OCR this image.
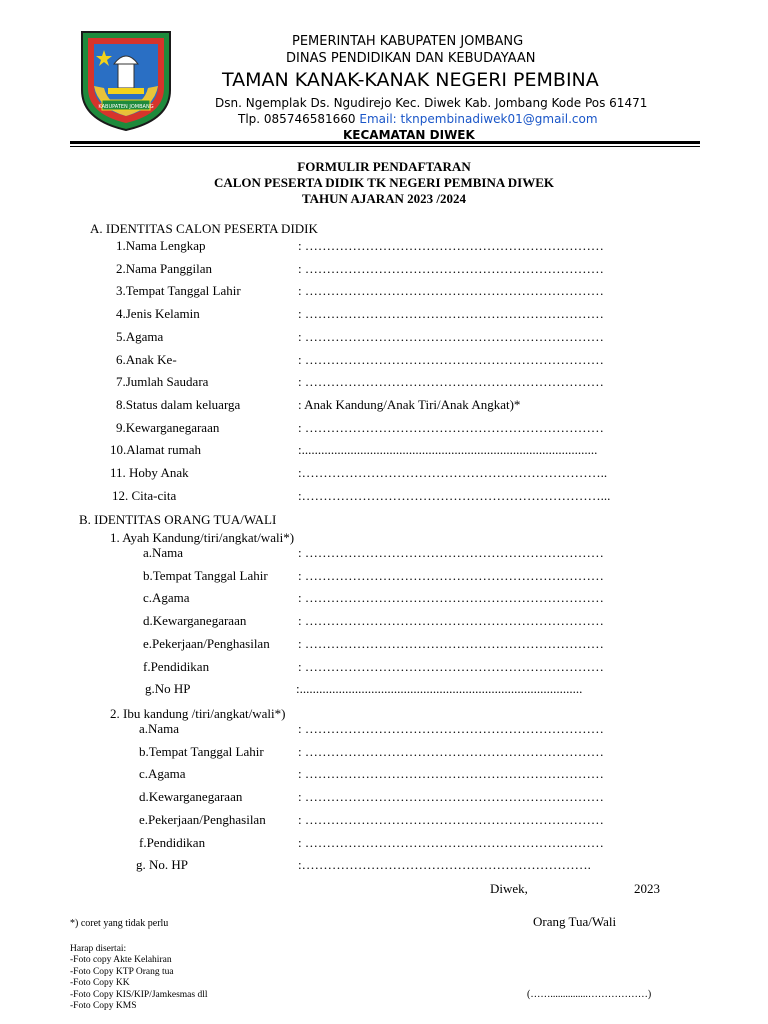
KABUPATEN JOMBANG
PEMERINTAH KABUPATEN JOMBANG
DINAS PENDIDIKAN DAN KEBUDAYAAN
TAMAN KANAK-KANAK NEGERI PEMBINA
Dsn. Ngemplak Ds. Ngudirejo Kec. Diwek Kab. Jombang Kode Pos 61471
Tlp. 085746581660 Email: tknpembinadiwek01@gmail.com
KECAMATAN DIWEK
FORMULIR PENDAFTARAN
CALON PESERTA DIDIK TK NEGERI PEMBINA DIWEK
TAHUN AJARAN 2023 /2024
A. IDENTITAS CALON PESERTA DIDIK
1.Nama Lengkap	: ……………………………………………………………
2.Nama Panggilan	: ……………………………………………………………
3.Tempat Tanggal Lahir	: ……………………………………………………………
4.Jenis Kelamin	: ……………………………………………………………
5.Agama	: ……………………………………………………………
6.Anak Ke-	: ……………………………………………………………
7.Jumlah Saudara	: ……………………………………………………………
8.Status dalam keluarga	: Anak Kandung/Anak Tiri/Anak Angkat)*
9.Kewarganegaraan	: ……………………………………………………………
10.Alamat rumah	:...........................................................................................
11. Hoby Anak	:……………………………………………………………..
12. Cita-cita	:……………………………………………………………...
B. IDENTITAS ORANG TUA/WALI
1. Ayah Kandung/tiri/angkat/wali*)
a.Nama	: ……………………………………………………………
b.Tempat Tanggal Lahir : ……………………………………………………………
c.Agama	: ……………………………………………………………
d.Kewarganegaraan	: ……………………………………………………………
e.Pekerjaan/Penghasilan : ……………………………………………………………
f.Pendidikan	: ……………………………………………………………
g.No HP	:.......................................................................................
2. Ibu kandung /tiri/angkat/wali*)
a.Nama	: ……………………………………………………………
b.Tempat Tanggal Lahir	: ……………………………………………………………
c.Agama	: ……………………………………………………………
d.Kewarganegaraan	: ……………………………………………………………
e.Pekerjaan/Penghasilan : ……………………………………………………………
f.Pendidikan	: ……………………………………………………………
g. No. HP	:………………………………………………………….
Diwek,	2023
*) coret yang tidak perlu	Orang Tua/Wali
Harap disertai:
-Foto copy Akte Kelahiran
-Foto Copy KTP Orang tua
-Foto Copy KK
-Foto Copy KIS/KIP/Jamkesmas dll
-Foto Copy KMS
(……...............………………)
